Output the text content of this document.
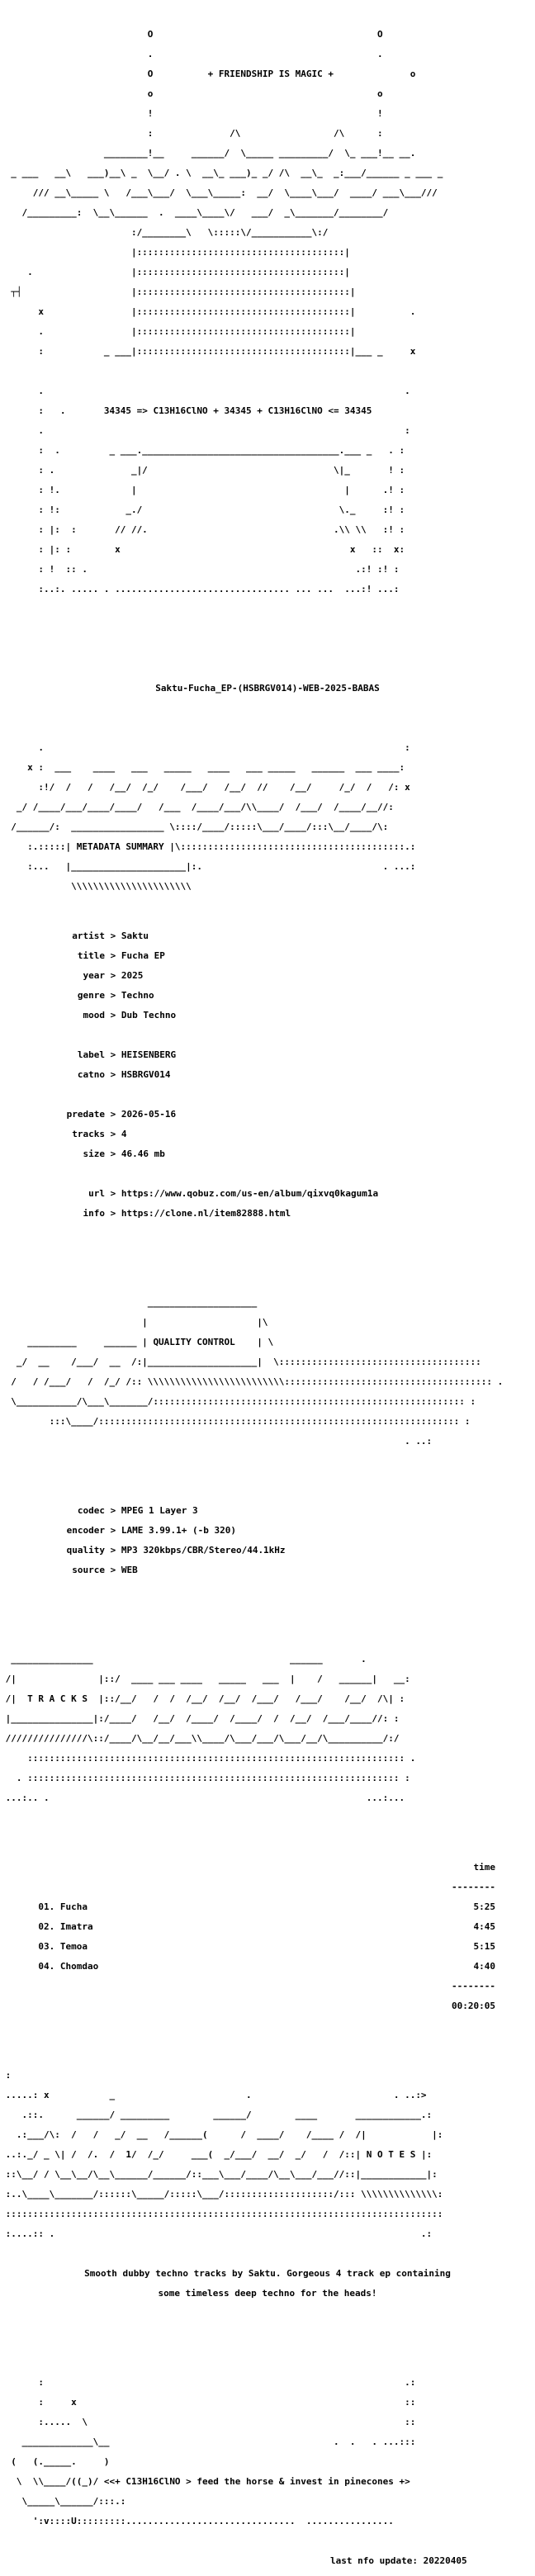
O                                         O

.                                         .

O          + FRIENDSHIP IS MAGIC +              o

o                                         o

!                                         !

:              /\                 /\      :

________!__     ______/  \_____ _________/  \_ ___!__ __.

_ ___   __\   ___)__\ _  \__/ . \  __\_ ___)_ _/ /\  __\_  _:___/______ _ ___ _

/// __\_____ \   /___\___/  \___\_____:  __/  \____\___/  ____/ ___\___///

/_________:  \__\______  .  ____\____\/   ___/  _\_______/________/

:/________\   \:::::\/___________\:/

|::::::::::::::::::::::::::::::::::::::|

.                  |::::::::::::::::::::::::::::::::::::::|

┬┤                    |:::::::::::::::::::::::::::::::::::::::|

x                |:::::::::::::::::::::::::::::::::::::::|          .

.                |:::::::::::::::::::::::::::::::::::::::|

:           _ ___|:::::::::::::::::::::::::::::::::::::::|___ _     x

.                                                                  .

:   .       34345 => C13H16ClNO + 34345 + C13H16ClNO <= 34345

.                                                                  :

:  .         _ ___.____________________________________.___ _   . :

: .              _|/                                  \|_       ! :

: !.             |                                      |      .! :

: !:            _./                                    \._     :! :

: |:  :       // //.                                  .\\ \\   :! :

: |: :        x                                          x   ::  x:

: !  :: .                                                 .:! :! :

:..:. ..... . ................................ ... ...  ...:! ...:

Saktu-Fucha_EP-(HSBRGV014)-WEB-2025-BABAS

.                                                                  :

x :  ___    ____   ___   _____   ____   ___ _____   ______  ___ ____:

:!/  /   /   /__/  /_/    /___/   /__/  //    /__/     /_/  /   /: x

_/ /____/___/____/____/   /___  /____/___/\\____/  /___/  /____/__//:

/______/:  _________________ \::::/____/:::::\___/____/:::\__/____/\:

:.:::::| METADATA SUMMARY |\:::::::::::::::::::::::::::::::::::::::::.:

:...   |_____________________|:.                                 . ...:

\\\\\\\\\\\\\\\\\\\\\\

artist > Saktu

title > Fucha EP

year > 2025

genre > Techno

mood > Dub Techno

label > HEISENBERG

catno > HSBRGV014

predate > 2026-05-16

tracks > 4

size > 46.46 mb

url > https://www.qobuz.com/us-en/album/qixvq0kagum1a

info > https://clone.nl/item82888.html

____________________

|                    |\

_________     ______ | QUALITY CONTROL    | \

_/  __    /___/  __  /:|____________________|  \:::::::::::::::::::::::::::::::::::::

/   / /___/   /  /_/ /:: \\\\\\\\\\\\\\\\\\\\\\\\\:::::::::::::::::::::::::::::::::::::: .

\___________/\___\_______/::::::::::::::::::::::::::::::::::::::::::::::::::::::::: :

:::\____/:::::::::::::::::::::::::::::::::::::::::::::::::::::::::::::::::: :

. ..:

codec > MPEG 1 Layer 3

encoder > LAME 3.99.1+ (-b 320)

quality > MP3 320kbps/CBR/Stereo/44.1kHz

source > WEB

_______________                                    ______       .

/|               |::/  ____ ___ ____   _____   ___  |    /   ______|   __:

/|  T R A C K S  |::/__/   /  /  /__/  /__/  /___/   /___/    /__/  /\| :

|_______________|:/____/   /__/  /____/  /____/  /  /__/  /___/____//: :

///////////////\::/____/\__/__/___\\____/\___/___/\___/__/\__________/:/

::::::::::::::::::::::::::::::::::::::::::::::::::::::::::::::::::::: .

. :::::::::::::::::::::::::::::::::::::::::::::::::::::::::::::::::::: :

...:.. .                                                          ...:...

time

--------

01. Fucha	5:25

02. Imatra	4:45

03. Temoa	5:15

04. Chomdao	4:40

--------

00:20:05

:

.....: x           _                        .                          . ..:>

.::.      ______/ _________        ______/        ____       ____________.:

.:___/\:  /   /   _/  __   /______(      /  ____/    /____ /  /|            |:

..:._/ _ \| /  /.  /  1/  /_/     ___(  _/___/  __/  _/   /  /::| N O T E S |:

::\__/ / \__\__/\__\______/______/::___\___/____/\__\___/___//::|____________|:

:..\____\_______/::::::\_____/:::::\___/::::::::::::::::::::/::: \\\\\\\\\\\\\\:

::::::::::::::::::::::::::::::::::::::::::::::::::::::::::::::::::::::::::::::::

:....:: .                                                                   .:

Smooth dubby techno tracks by Saktu. Gorgeous 4 track ep containing

some timeless deep techno for the heads!

:                                                                  .:

:     x                                                            ::

:.....  \                                                          ::

_____________\__                                         .  .   . ...:::

(   (._____.     )

\  \\____/((_)/ <<+ C13H16ClNO > feed the horse & invest in pinecones +>

\_____\______/:::.:

':v::::U:::::::::...............................  ................

last nfo update: 20220405
